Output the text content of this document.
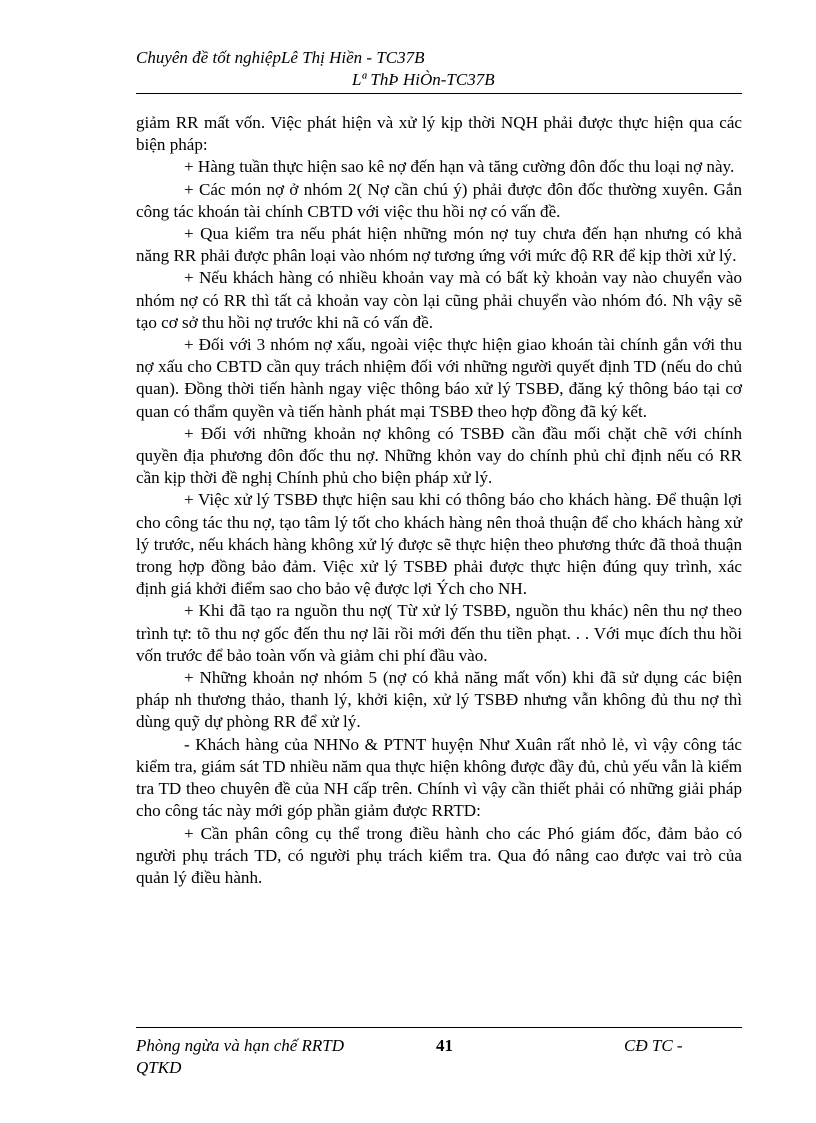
Chuyên đề tốt nghiệpLê Thị Hiền - TC37B
Lª ThÞ HiÒn-TC37B

giảm RR mất vốn. Việc phát hiện và xử lý kịp thời NQH phải được thực hiện qua các biện pháp:

+ Hàng tuần thực hiện sao kê nợ đến hạn và tăng cường đôn đốc thu loại nợ này.

+ Các món nợ ở nhóm 2( Nợ cần chú ý) phải được đôn đốc thường xuyên. Gắn công tác khoán tài chính CBTD với việc thu hồi nợ có vấn đề.

+ Qua kiểm tra nếu phát hiện những món nợ tuy chưa đến hạn nhưng có khả năng RR phải được phân loại vào nhóm nợ tương ứng với mức độ RR để kịp thời xử lý.

+ Nếu khách hàng có nhiều khoản vay mà có bất kỳ khoản vay nào chuyển vào nhóm nợ có RR thì tất cả khoản vay còn lại cũng phải chuyển vào nhóm đó. Nh vậy sẽ tạo cơ sở thu hồi nợ trước khi nã có vấn đề.

+ Đối với 3 nhóm nợ xấu, ngoài việc thực hiện giao khoán tài chính gắn với thu nợ xấu cho CBTD cần quy trách nhiệm đối với những người quyết định TD (nếu do chủ quan). Đồng thời tiến hành ngay việc thông báo xử lý TSBĐ, đăng ký thông báo tại cơ quan có thẩm quyền và tiến hành phát mại TSBĐ theo hợp đồng đã ký kết.

+ Đối với những khoản nợ không có TSBĐ cần đầu mối chặt chẽ với chính quyền địa phương đôn đốc thu nợ. Những khỏn vay do chính phủ chỉ định nếu có RR cần kịp thời đề nghị Chính phủ cho biện pháp xử lý.

+ Việc xử lý TSBĐ thực hiện sau khi có thông báo cho khách hàng. Để thuận lợi cho công tác thu nợ, tạo tâm lý tốt cho khách hàng nên thoả thuận để cho khách hàng xử lý trước, nếu khách hàng không xử lý được sẽ thực hiện theo phương thức đã thoả thuận trong hợp đồng bảo đảm. Việc xử lý TSBĐ phải được thực hiện đúng quy trình, xác định giá khởi điểm sao cho bảo vệ được lợi Ých cho NH.

+ Khi đã tạo ra nguồn thu nợ( Từ xử lý TSBĐ, nguồn thu khác) nên thu nợ theo trình tự: tõ thu nợ gốc đến thu nợ lãi rồi mới đến thu tiền phạt. . . Với mục đích thu hồi vốn trước để bảo toàn vốn và giảm chi phí đầu vào.

+ Những khoản nợ nhóm 5 (nợ có khả năng mất vốn) khi đã sử dụng các biện pháp nh thương thảo, thanh lý, khởi kiện, xử lý TSBĐ nhưng vẫn không đủ thu nợ thì dùng quỹ dự phòng RR để xử lý.

- Khách hàng của NHNo & PTNT huyện Như Xuân rất nhỏ lẻ, vì vậy công tác kiểm tra, giám sát TD nhiều năm qua thực hiện không được đầy đủ, chủ yếu vẫn là kiểm tra TD theo chuyên đề của NH cấp trên. Chính vì vậy cần thiết phải có những giải pháp cho công tác này mới góp phần giảm được RRTD:

+ Cần phân công cụ thể trong điều hành cho các Phó giám đốc, đảm bảo có người phụ trách TD, có người phụ trách kiểm tra. Qua đó nâng cao được vai trò của quản lý điều hành.

Phòng ngừa và hạn chế RRTD	41	CĐ TC -
QTKD
